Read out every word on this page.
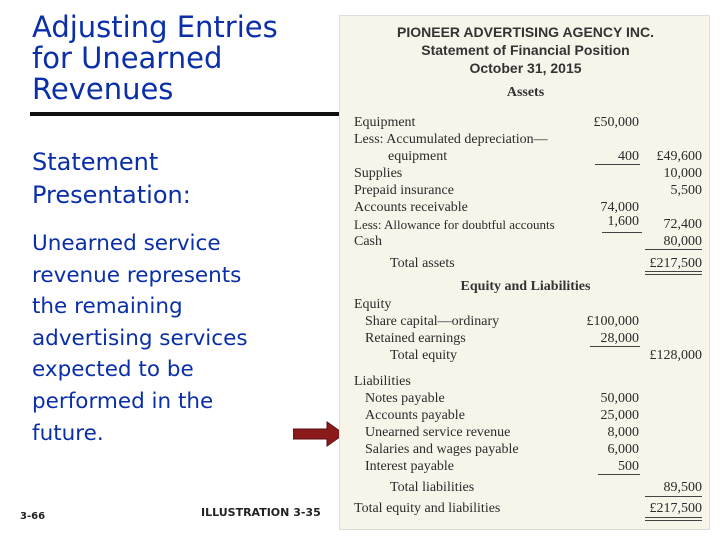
Adjusting Entries
for Unearned
Revenues
Statement
Presentation:
Unearned service
revenue represents
the remaining
advertising services
expected to be
performed in the
future.
3-66	ILLUSTRATION 3-35
PIONEER ADVERTISING AGENCY INC.
Statement of Financial Position
October 31, 2015
Assets
Equipment	£50,000
Less: Accumulated depreciation—
equipment	400 £49,600
Supplies	10,000
Prepaid insurance	5,500
Accounts receivable	74,000
Less: Allowance for doubtful accounts	1,600 72,400
Cash	80,000
Total assets	£217,500
Equity and Liabilities
Equity
Share capital—ordinary	£100,000
Retained earnings	28,000
Total equity	£128,000
Liabilities
Notes payable	50,000
Accounts payable	25,000
Unearned service revenue	8,000
Salaries and wages payable	6,000
Interest payable	500
Total liabilities	89,500
Total equity and liabilities	£217,500
